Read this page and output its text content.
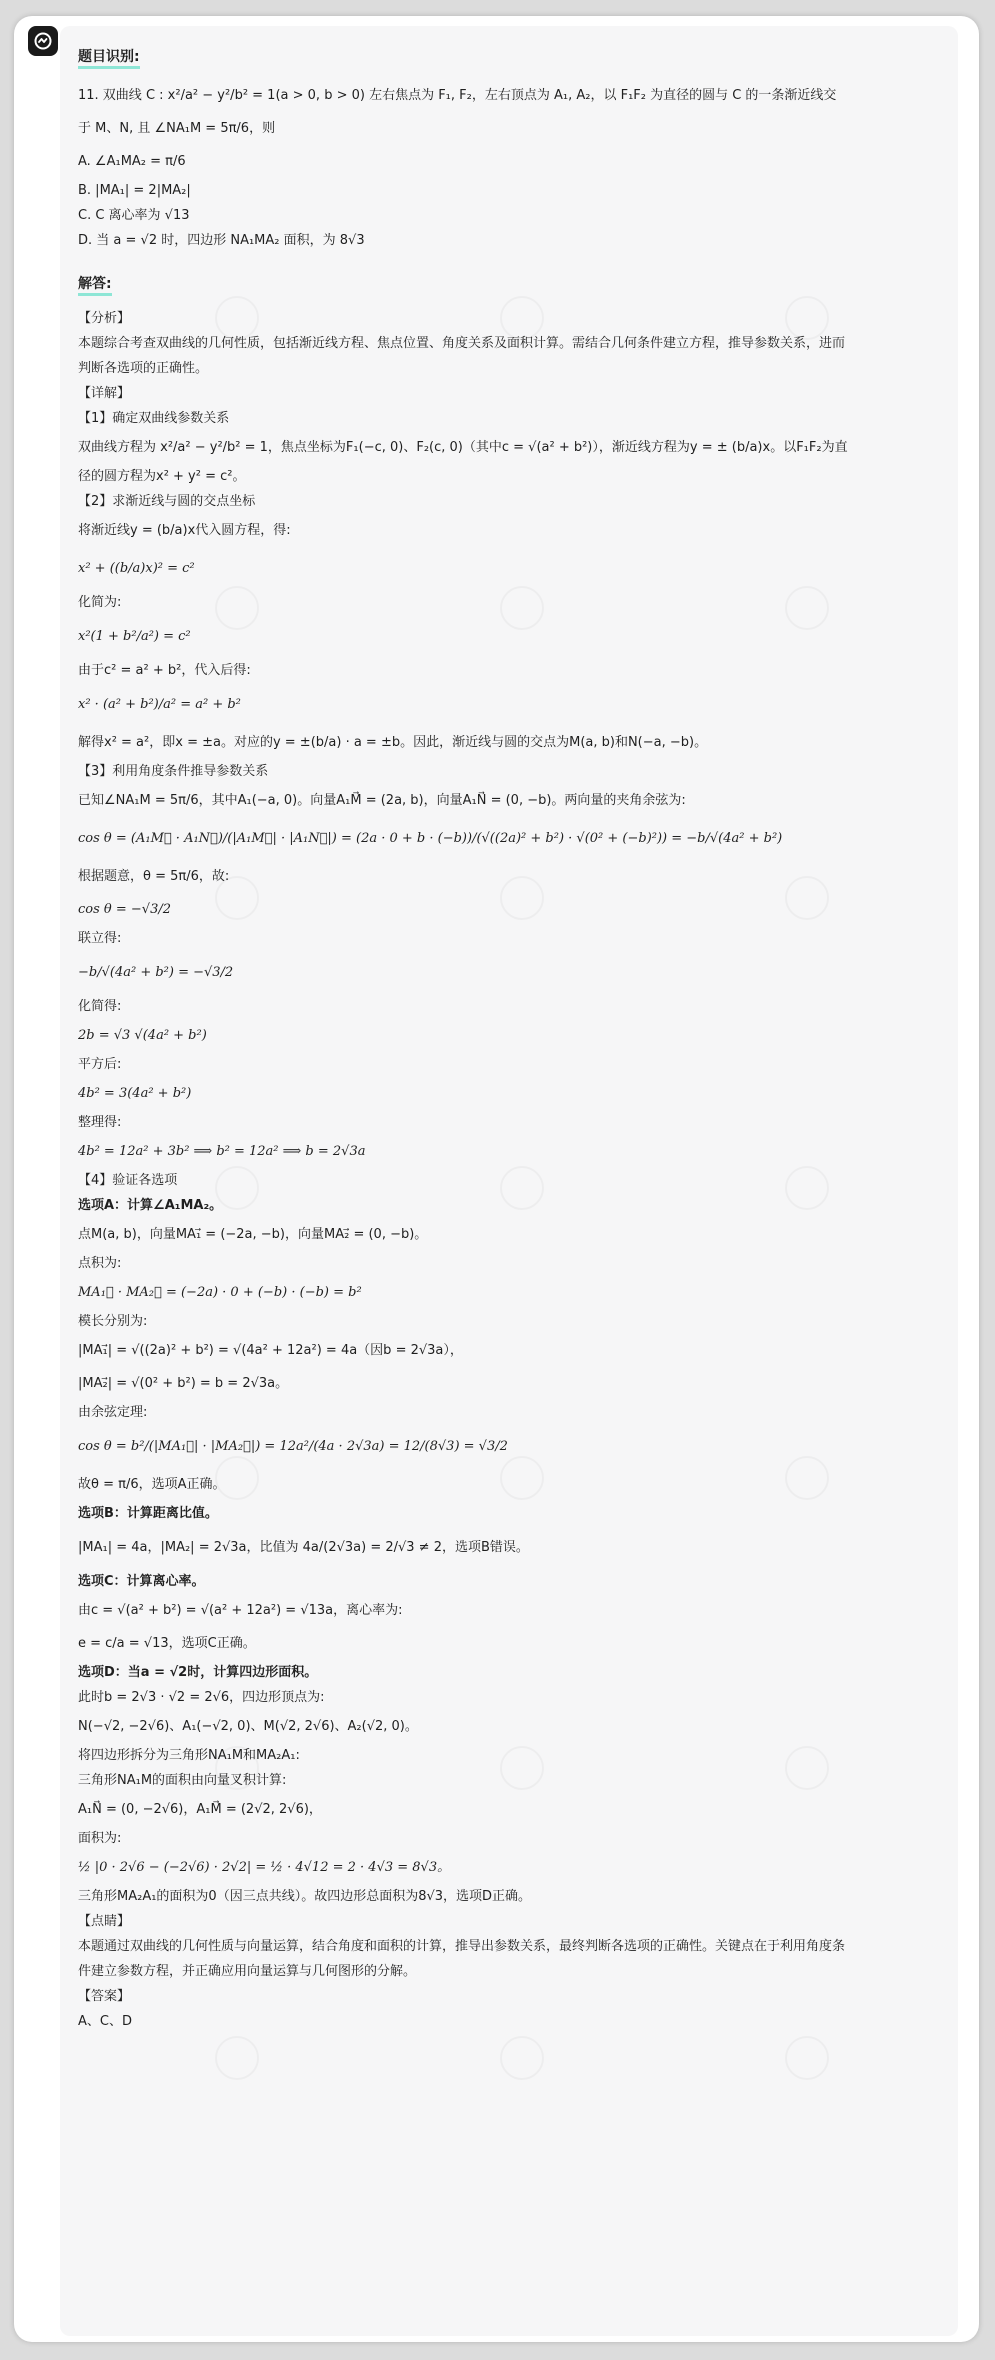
题目识别:
11. 双曲线 C : x²/a² − y²/b² = 1(a > 0, b > 0) 左右焦点为 F₁, F₂，左右顶点为 A₁, A₂，以 F₁F₂ 为直径的圆与 C 的一条渐近线交
于 M、N, 且 ∠NA₁M = 5π/6，则
A. ∠A₁MA₂ = π/6
B. |MA₁| = 2|MA₂|
C. C 离心率为 √13
D. 当 a = √2 时，四边形 NA₁MA₂ 面积，为 8√3
解答:
【分析】
本题综合考查双曲线的几何性质，包括渐近线方程、焦点位置、角度关系及面积计算。需结合几何条件建立方程，推导参数关系，进而
判断各选项的正确性。
【详解】
【1】确定双曲线参数关系
双曲线方程为 x²/a² − y²/b² = 1，焦点坐标为F₁(−c, 0)、F₂(c, 0)（其中c = √(a² + b²)），渐近线方程为y = ± (b/a)x。以F₁F₂为直
径的圆方程为x² + y² = c²。
【2】求渐近线与圆的交点坐标
将渐近线y = (b/a)x代入圆方程，得:
x² + ((b/a)x)² = c²
化简为:
x²(1 + b²/a²) = c²
由于c² = a² + b²，代入后得:
x² · (a² + b²)/a² = a² + b²
解得x² = a²，即x = ±a。对应的y = ±(b/a) · a = ±b。因此，渐近线与圆的交点为M(a, b)和N(−a, −b)。
【3】利用角度条件推导参数关系
已知∠NA₁M = 5π/6，其中A₁(−a, 0)。向量A₁M⃗ = (2a, b)，向量A₁N⃗ = (0, −b)。两向量的夹角余弦为:
cos θ = (A₁M⃗ · A₁N⃗)/(|A₁M⃗| · |A₁N⃗|) = (2a · 0 + b · (−b))/(√((2a)² + b²) · √(0² + (−b)²)) = −b/√(4a² + b²)
根据题意，θ = 5π/6，故:
cos θ = −√3/2
联立得:
−b/√(4a² + b²) = −√3/2
化简得:
2b = √3 √(4a² + b²)
平方后:
4b² = 3(4a² + b²)
整理得:
4b² = 12a² + 3b² ⟹ b² = 12a² ⟹ b = 2√3a
【4】验证各选项
选项A：计算∠A₁MA₂。
点M(a, b)，向量MA₁⃗ = (−2a, −b)，向量MA₂⃗ = (0, −b)。
点积为:
MA₁⃗ · MA₂⃗ = (−2a) · 0 + (−b) · (−b) = b²
模长分别为:
|MA₁⃗| = √((2a)² + b²) = √(4a² + 12a²) = 4a（因b = 2√3a），
|MA₂⃗| = √(0² + b²) = b = 2√3a。
由余弦定理:
cos θ = b²/(|MA₁⃗| · |MA₂⃗|) = 12a²/(4a · 2√3a) = 12/(8√3) = √3/2
故θ = π/6，选项A正确。
选项B：计算距离比值。
|MA₁| = 4a，|MA₂| = 2√3a，比值为 4a/(2√3a) = 2/√3 ≠ 2，选项B错误。
选项C：计算离心率。
由c = √(a² + b²) = √(a² + 12a²) = √13a，离心率为:
e = c/a = √13，选项C正确。
选项D：当a = √2时，计算四边形面积。
此时b = 2√3 · √2 = 2√6，四边形顶点为:
N(−√2, −2√6)、A₁(−√2, 0)、M(√2, 2√6)、A₂(√2, 0)。
将四边形拆分为三角形NA₁M和MA₂A₁:
三角形NA₁M的面积由向量叉积计算:
A₁N⃗ = (0, −2√6)，A₁M⃗ = (2√2, 2√6)，
面积为:
½ |0 · 2√6 − (−2√6) · 2√2| = ½ · 4√12 = 2 · 4√3 = 8√3。
三角形MA₂A₁的面积为0（因三点共线）。故四边形总面积为8√3，选项D正确。
【点睛】
本题通过双曲线的几何性质与向量运算，结合角度和面积的计算，推导出参数关系，最终判断各选项的正确性。关键点在于利用角度条
件建立参数方程，并正确应用向量运算与几何图形的分解。
【答案】
A、C、D
